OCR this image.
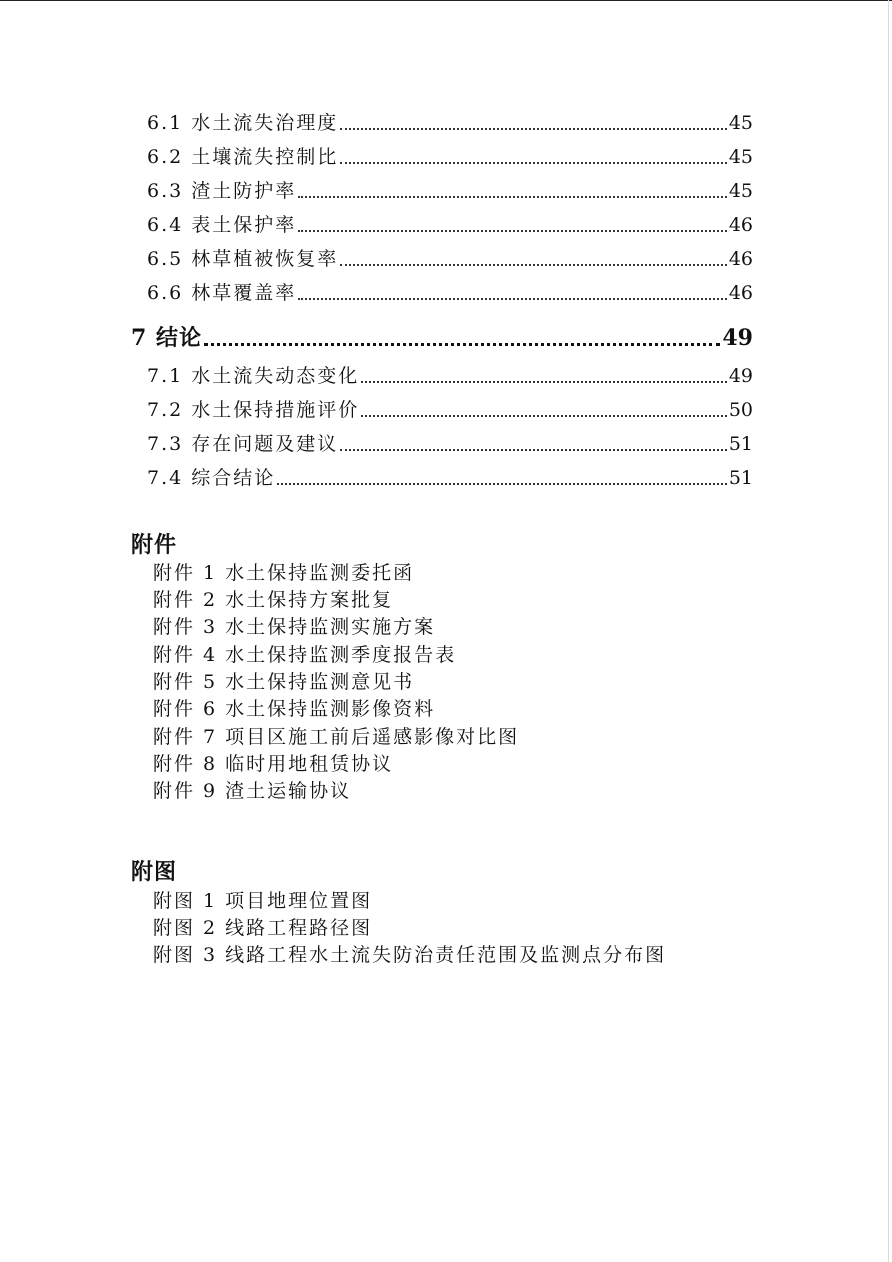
6.1 水土流失治理度	45
6.2 土壤流失控制比	45
6.3 渣土防护率	45
6.4 表土保护率	46
6.5 林草植被恢复率	46
6.6 林草覆盖率	46
7 结论	49
7.1 水土流失动态变化	49
7.2 水土保持措施评价	50
7.3 存在问题及建议	51
7.4 综合结论	51
附件
附件 1 水土保持监测委托函
附件 2 水土保持方案批复
附件 3 水土保持监测实施方案
附件 4 水土保持监测季度报告表
附件 5 水土保持监测意见书
附件 6 水土保持监测影像资料
附件 7 项目区施工前后遥感影像对比图
附件 8 临时用地租赁协议
附件 9 渣土运输协议
附图
附图 1 项目地理位置图
附图 2 线路工程路径图
附图 3 线路工程水土流失防治责任范围及监测点分布图
